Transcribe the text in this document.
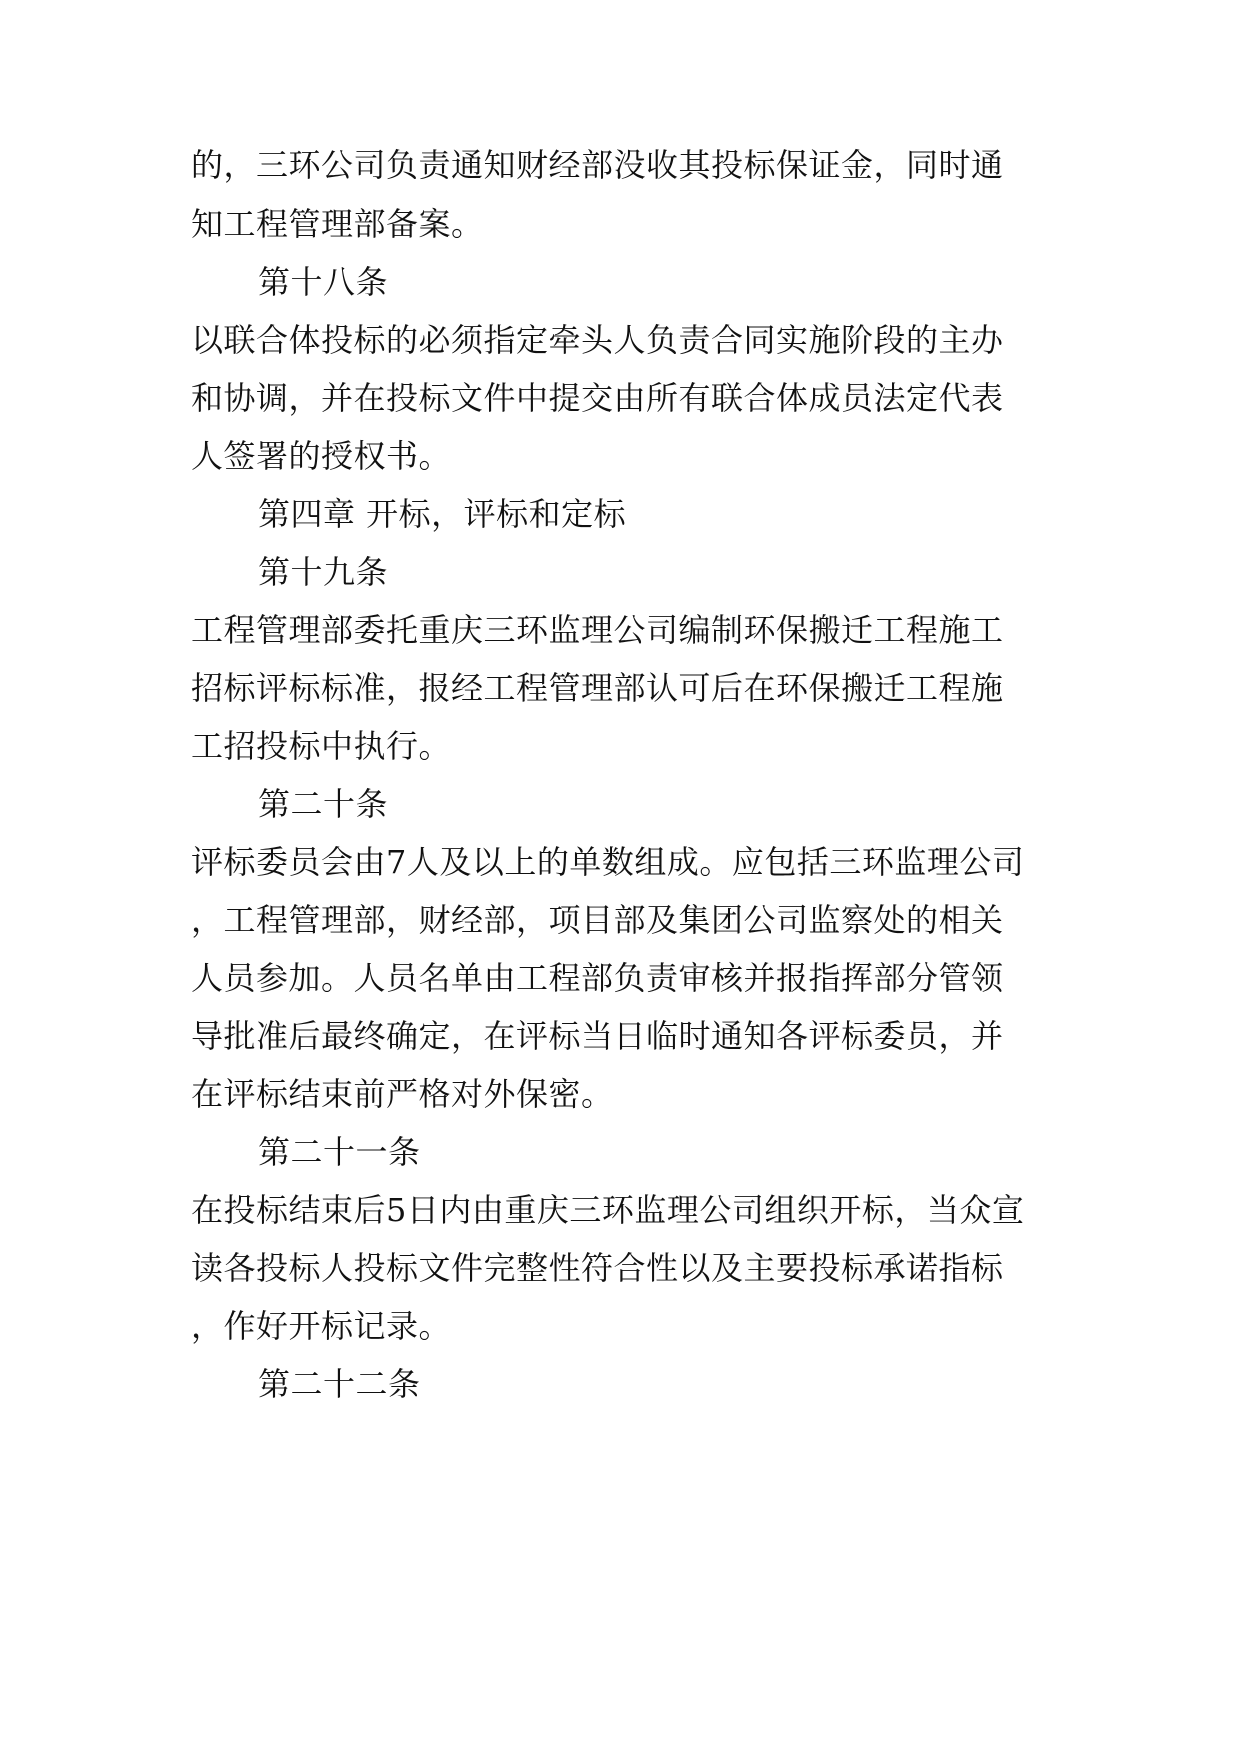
的，三环公司负责通知财经部没收其投标保证金，同时通
知工程管理部备案。
第十八条
以联合体投标的必须指定牵头人负责合同实施阶段的主办
和协调，并在投标文件中提交由所有联合体成员法定代表
人签署的授权书。
第四章 开标，评标和定标
第十九条
工程管理部委托重庆三环监理公司编制环保搬迁工程施工
招标评标标准，报经工程管理部认可后在环保搬迁工程施
工招投标中执行。
第二十条
评标委员会由7人及以上的单数组成。应包括三环监理公司
，工程管理部，财经部，项目部及集团公司监察处的相关
人员参加。人员名单由工程部负责审核并报指挥部分管领
导批准后最终确定，在评标当日临时通知各评标委员，并
在评标结束前严格对外保密。
第二十一条
在投标结束后5日内由重庆三环监理公司组织开标，当众宣
读各投标人投标文件完整性符合性以及主要投标承诺指标
，作好开标记录。
第二十二条
